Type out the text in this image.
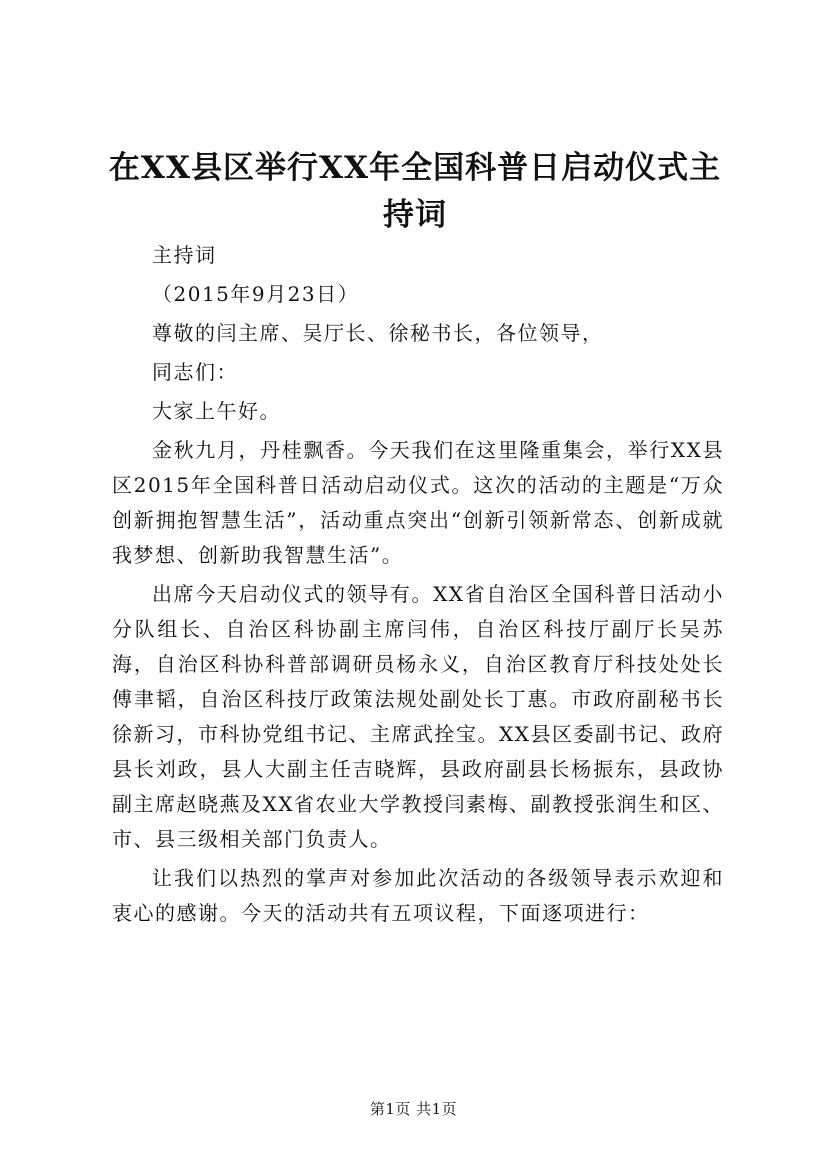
在XX县区举行XX年全国科普日启动仪式主持词

主持词

（2015年9月23日）

尊敬的闫主席、吴厅长、徐秘书长，各位领导，

同志们：

大家上午好。

金秋九月，丹桂飘香。今天我们在这里隆重集会，举行XX县区2015年全国科普日活动启动仪式。这次的活动的主题是“万众创新拥抱智慧生活”，活动重点突出“创新引领新常态、创新成就我梦想、创新助我智慧生活”。

出席今天启动仪式的领导有。XX省自治区全国科普日活动小分队组长、自治区科协副主席闫伟，自治区科技厅副厅长吴苏海，自治区科协科普部调研员杨永义，自治区教育厅科技处处长傅聿韬，自治区科技厅政策法规处副处长丁惠。市政府副秘书长徐新习，市科协党组书记、主席武拴宝。XX县区委副书记、政府县长刘政，县人大副主任吉晓辉，县政府副县长杨振东，县政协副主席赵晓燕及XX省农业大学教授闫素梅、副教授张润生和区、市、县三级相关部门负责人。

让我们以热烈的掌声对参加此次活动的各级领导表示欢迎和衷心的感谢。今天的活动共有五项议程，下面逐项进行：

第1页 共1页
